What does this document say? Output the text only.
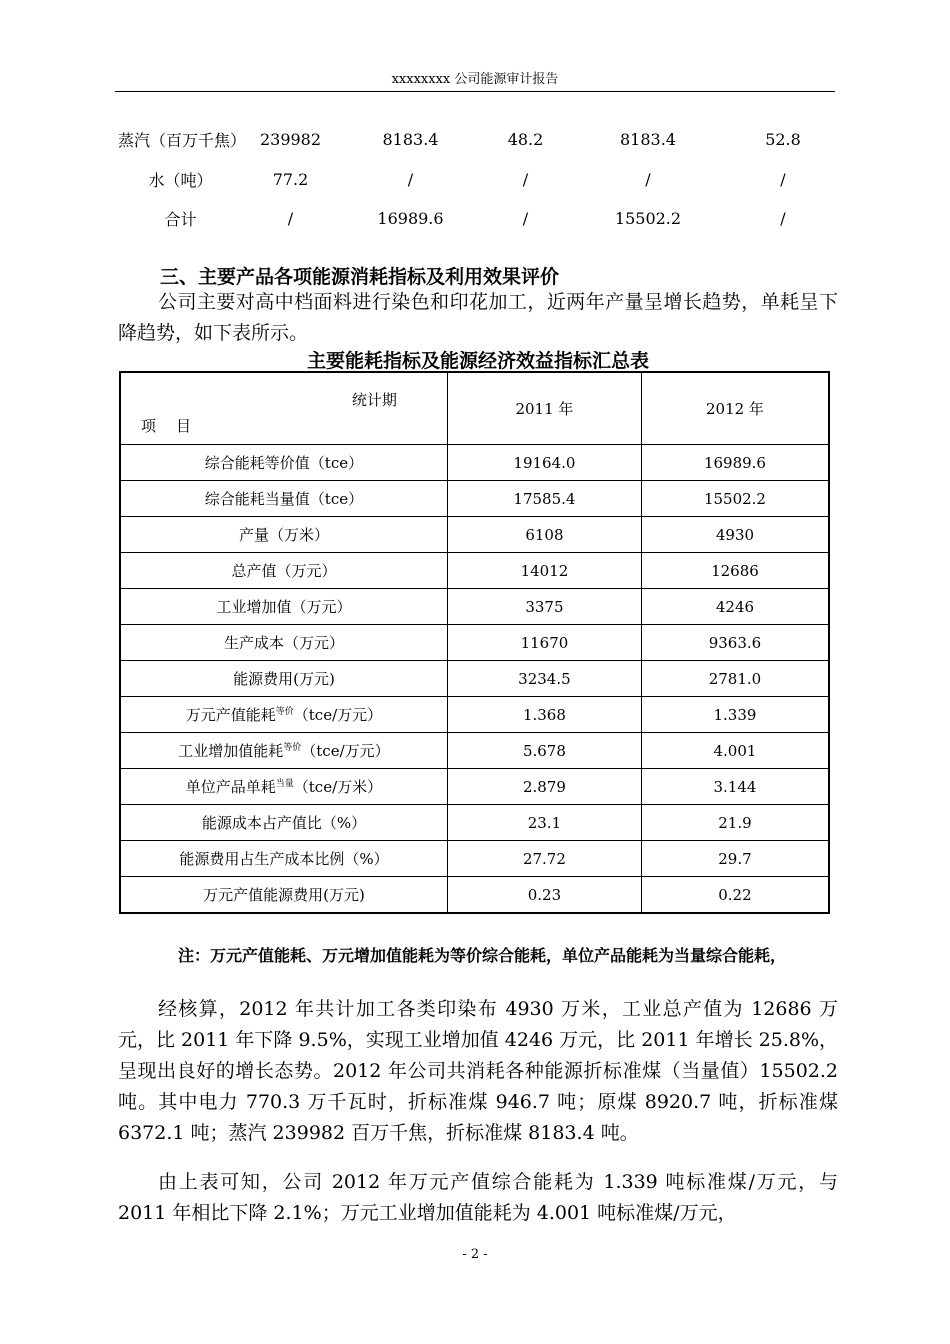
xxxxxxxx 公司能源审计报告
蒸汽（百万千焦）	239982	8183.4	48.2	8183.4	52.8
水（吨）	77.2	/	/	/	/
合计	/	16989.6	/	15502.2	/
三、主要产品各项能源消耗指标及利用效果评价
公司主要对高中档面料进行染色和印花加工，近两年产量呈增长趋势，单耗呈下降趋势，如下表所示。
主要能耗指标及能源经济效益指标汇总表
统计期
项目	2011 年	2012 年
综合能耗等价值（tce）	19164.0	16989.6
综合能耗当量值（tce）	17585.4	15502.2
产量（万米）	6108	4930
总产值（万元）	14012	12686
工业增加值（万元）	3375	4246
生产成本（万元）	11670	9363.6
能源费用(万元)	3234.5	2781.0
万元产值能耗$^{等价}$（tce/万元）	1.368	1.339
工业增加值能耗$^{等价}$（tce/万元）	5.678	4.001
单位产品单耗$^{当量}$（tce/万米）	2.879	3.144
能源成本占产值比（%）	23.1	21.9
能源费用占生产成本比例（%）	27.72	29.7
万元产值能源费用(万元)	0.23	0.22
注：万元产值能耗、万元增加值能耗为等价综合能耗，单位产品能耗为当量综合能耗，
经核算，2012 年共计加工各类印染布 4930 万米，工业总产值为 12686 万元，比 2011 年下降 9.5%，实现工业增加值 4246 万元，比 2011 年增长 25.8%，呈现出良好的增长态势。2012 年公司共消耗各种能源折标准煤（当量值）15502.2 吨。其中电力 770.3 万千瓦时，折标准煤 946.7 吨；原煤 8920.7 吨，折标准煤 6372.1 吨；蒸汽 239982 百万千焦，折标准煤 8183.4 吨。
由上表可知，公司 2012 年万元产值综合能耗为 1.339 吨标准煤/万元，与 2011 年相比下降 2.1%；万元工业增加值能耗为 4.001 吨标准煤/万元，
- 2 -
